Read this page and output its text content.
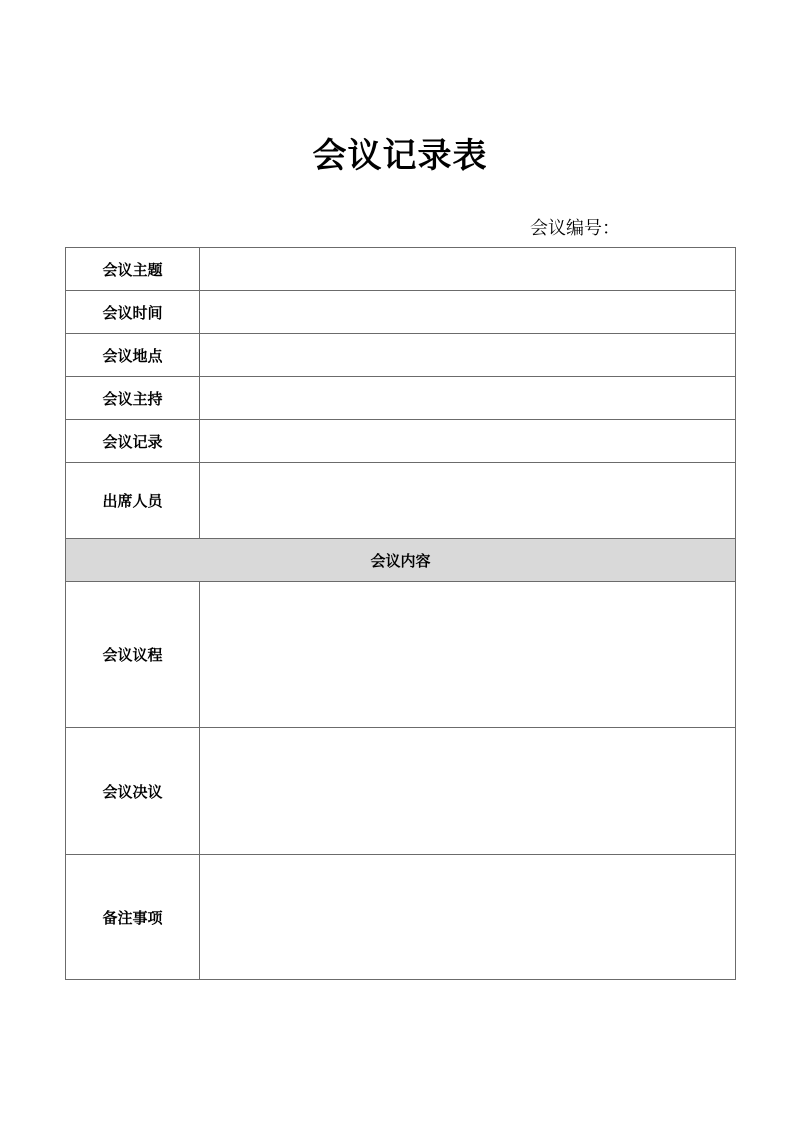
会议记录表
会议编号：
会议主题	
会议时间	
会议地点	
会议主持	
会议记录	
出席人员	
会议内容	
会议议程	
会议决议	
备注事项	
